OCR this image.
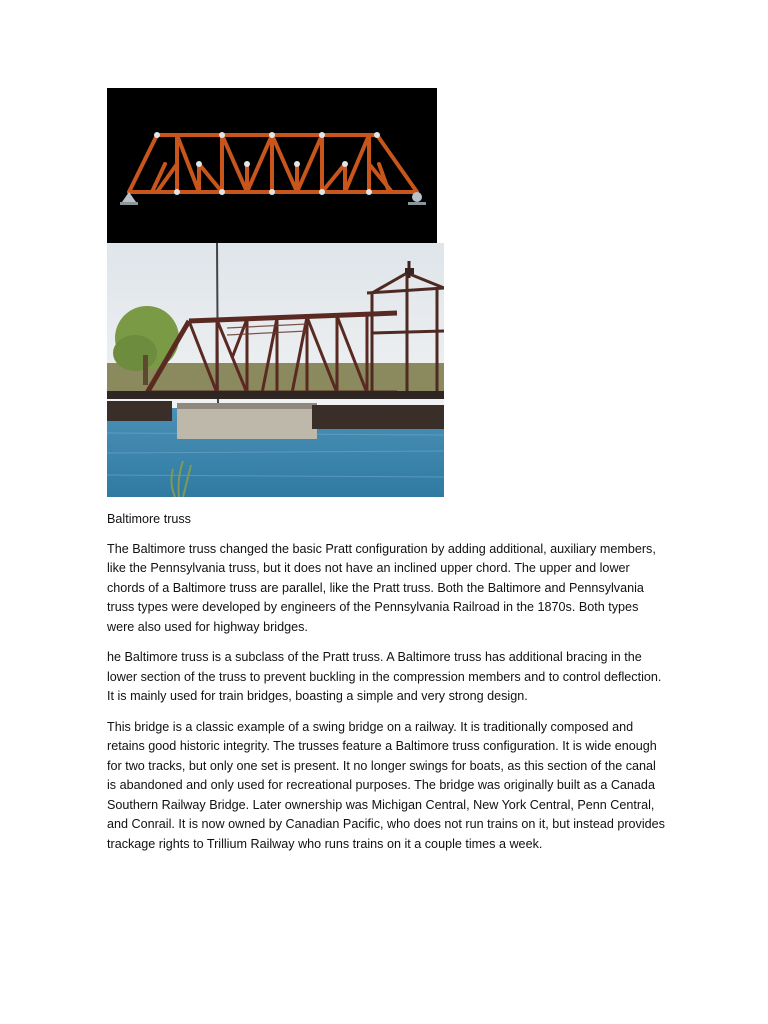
Baltimore truss

The Baltimore truss changed the basic Pratt configuration by adding additional, auxiliary members, like the Pennsylvania truss, but it does not have an inclined upper chord. The upper and lower chords of a Baltimore truss are parallel, like the Pratt truss. Both the Baltimore and Pennsylvania truss types were developed by engineers of the Pennsylvania Railroad in the 1870s. Both types were also used for highway bridges.

he Baltimore truss is a subclass of the Pratt truss. A Baltimore truss has additional bracing in the lower section of the truss to prevent buckling in the compression members and to control deflection. It is mainly used for train bridges, boasting a simple and very strong design.

This bridge is a classic example of a swing bridge on a railway. It is traditionally composed and retains good historic integrity. The trusses feature a Baltimore truss configuration. It is wide enough for two tracks, but only one set is present. It no longer swings for boats, as this section of the canal is abandoned and only used for recreational purposes. The bridge was originally built as a Canada Southern Railway Bridge. Later ownership was Michigan Central, New York Central, Penn Central, and Conrail. It is now owned by Canadian Pacific, who does not run trains on it, but instead provides trackage rights to Trillium Railway who runs trains on it a couple times a week.
